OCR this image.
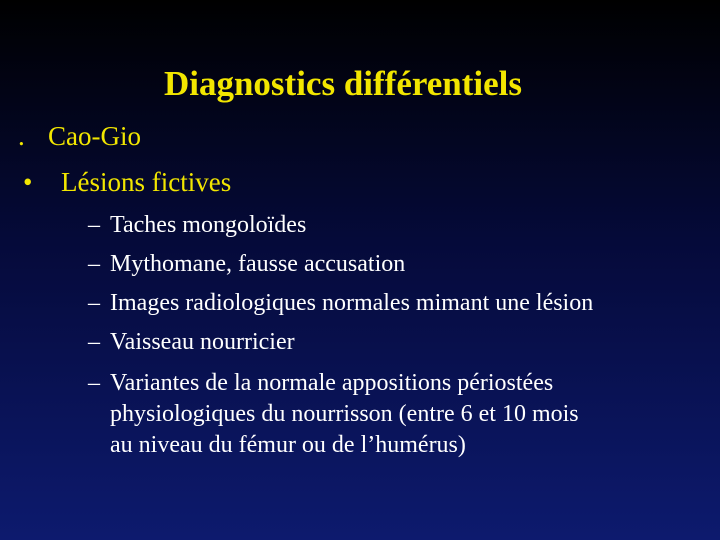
Diagnostics différentiels
. Cao-Gio
• Lésions fictives
– Taches mongoloïdes
– Mythomane, fausse accusation
– Images radiologiques normales mimant une lésion
– Vaisseau nourricier
– Variantes de la normale appositions périostées
physiologiques du nourrisson (entre 6 et 10 mois
au niveau du fémur ou de l’humérus)
